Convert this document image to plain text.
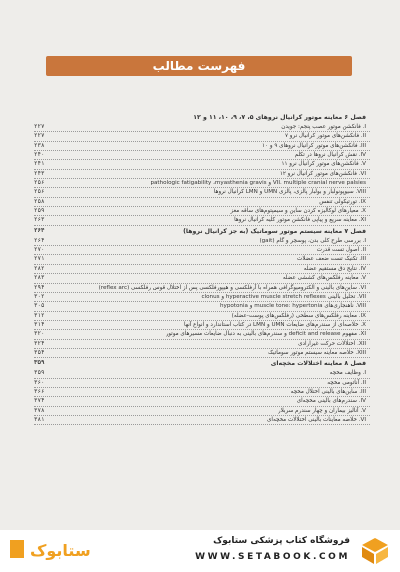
فهرست مطالب
فصل ۶ معاینه موتور کرانیال نروهای ۵، ۷، ۹، ۱۰، ۱۱ و ۱۲
I. فانکشن موتور عصب پنجم: جویدن
۲۲۷
II. فانکشن‌های موتور کرانیال نرو ۷
۲۲۷
III. فانکشن‌های موتور کرانیال نروهای ۹ و ۱۰
۲۳۸
IV. نقش کرانیال نروها در تکلم
۲۴۰
V. فانکشن‌های موتور کرانیال نرو ۱۱
۲۴۱
VI. فانکشن‌های موتور کرانیال نرو ۱۲
۲۴۳
VII. multiple cranial nerve palsies و pathologic fatigability ،myasthenia gravis
۲۵۶
VIII. سیوپونولبار و بولبار پالزی، پالزی UMN و LMN کرانیال نروها
۲۵۶
IX. تورتیکولی تنفس
۲۵۸
X. معیارهای لوکالیزه کردن ساین و سیمپتوم‌های ساقه مغز
۲۵۹
XI. معاینه سریع و پیاپی فانکشن موتور کلیه کرانیال نروها
۲۶۳
فصل ۷ معاینه سیستم موتور سوماتیک (به جز کرانیال نروها)
۲۶۴
I. بررسی طرح کلی بدن، پوسچر و گام (gait)
۲۶۴
II. اصول تست قدرت
۲۷۰
III. تکنیک تست ضعف عضلات
۲۷۱
IV. نتایج دق مستقیم عضله
۲۸۲
V. معاینه رفلکس‌های کششی عضله
۲۸۳
VI. ساین‌های بالینی و الکترومیوگرافی همراه با آرفلکسی و هیپورفلکسی پس از اختلال قوس رفلکسی (reflex arc)
۲۹۴
VII. تحلیل بالینی hyperactive muscle stretch reflexes و clonus
۳۰۲
VIII. ناهنجاری‌های muscle tone: hypertonia و hypotonia
۳۰۵
IX. معاینه رفلکس‌های سطحی (رفلکس‌های پوست-عضله)
۳۱۲
X. خلاصه‌ای از سندرم‌های ضایعات UMN و LMN در کتاب استاندارد و انواع آنها
۳۱۴
XI. مفهوم deficit and release و سندرم‌های بالینی به دنبال ضایعات مسیرهای موتور
۳۲۰
XII. اختلالات حرکت غیرارادی
۳۲۴
XIII. خلاصه معاینه سیستم موتور سوماتیک
۳۵۴
فصل ۸ معاینه اختلالات مخچه‌ای
۳۵۹
I. وظایف مخچه
۳۵۹
II. آناتومی مخچه
۳۶۰
III. ساین‌های بالینی اختلال مخچه
۳۶۶
IV. سندرم‌های بالینی مخچه‌ای
۳۷۴
V. آنالیز بیماران و چهار سندرم سربلار
۳۷۸
VI. خلاصه معاینات بالینی اختلالات مخچه‌ای
۳۸۱
ستابوک	فروشگاه کتاب پزشکی ستابوک
WWW.SETABOOK.COM
